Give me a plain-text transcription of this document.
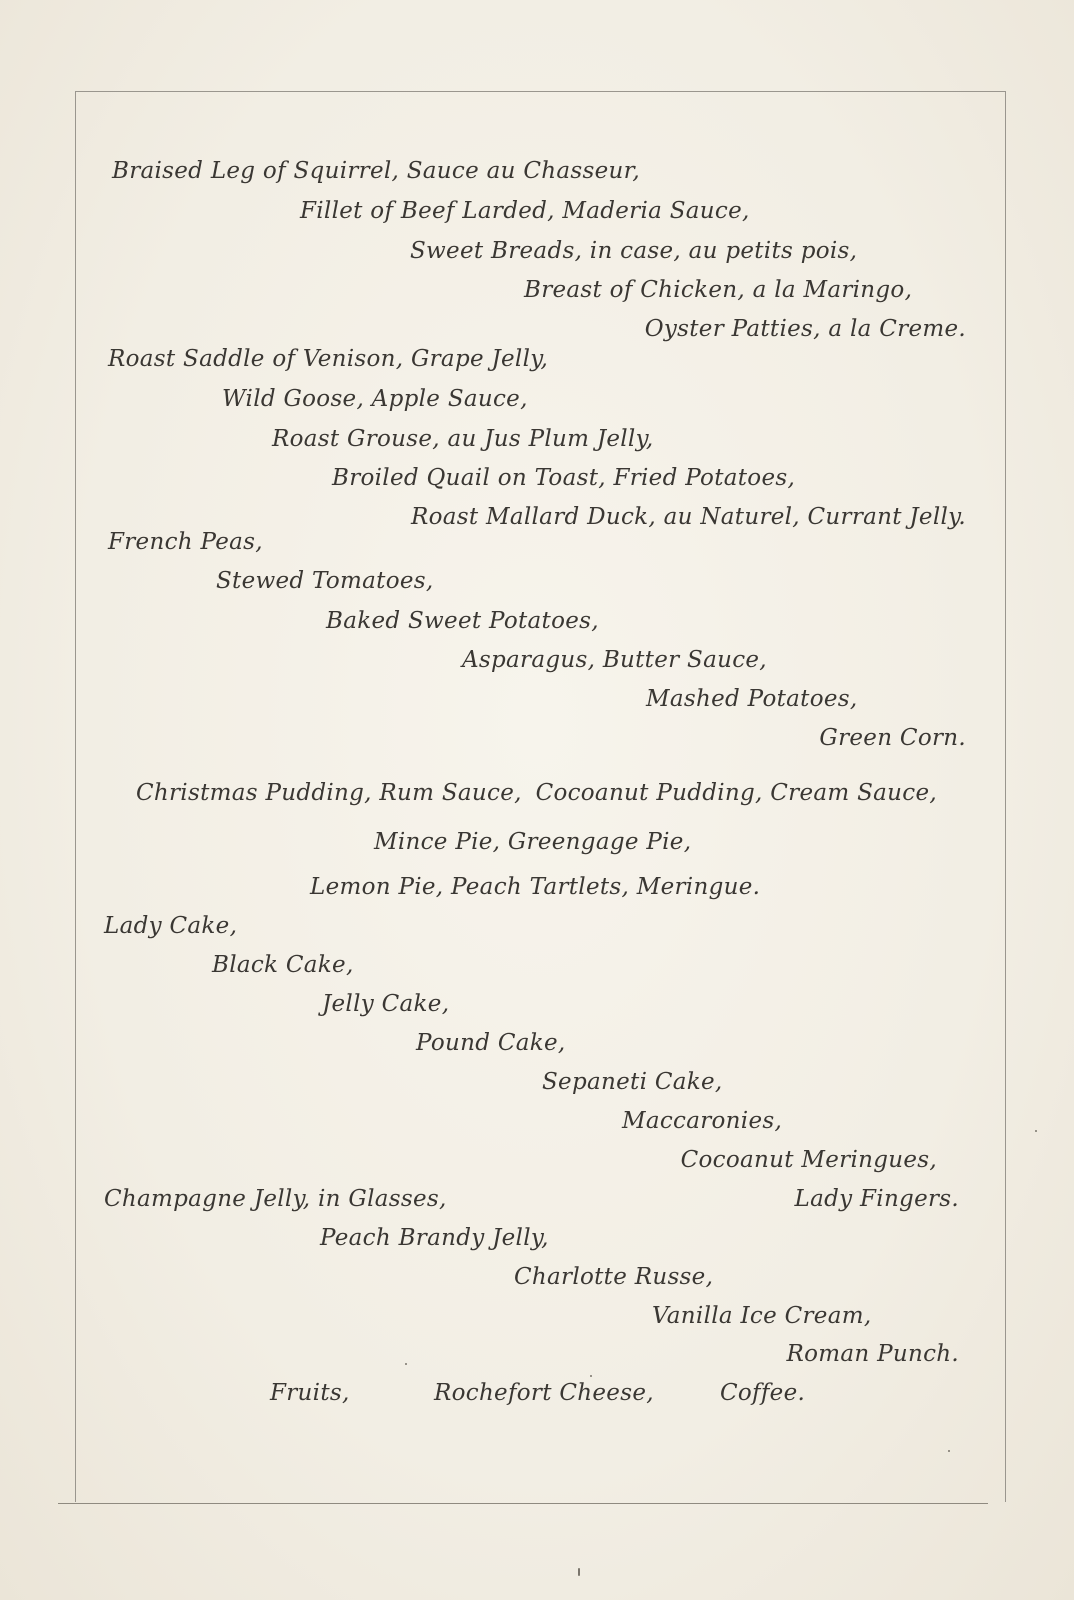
Braised Leg of Squirrel, Sauce au Chasseur,
Fillet of Beef Larded, Maderia Sauce,
Sweet Breads, in case, au petits pois,
Breast of Chicken, a la Maringo,
Oyster Patties, a la Creme.
Roast Saddle of Venison, Grape Jelly,
Wild Goose, Apple Sauce,
Roast Grouse, au Jus Plum Jelly,
Broiled Quail on Toast, Fried Potatoes,
Roast Mallard Duck, au Naturel, Currant Jelly.
French Peas,
Stewed Tomatoes,
Baked Sweet Potatoes,
Asparagus, Butter Sauce,
Mashed Potatoes,
Green Corn.
Christmas Pudding, Rum Sauce, Cocoanut Pudding, Cream Sauce,
Mince Pie, Greengage Pie,
Lemon Pie, Peach Tartlets, Meringue.
Lady Cake,
Black Cake,
Jelly Cake,
Pound Cake,
Sepaneti Cake,
Maccaronies,
Cocoanut Meringues,
Champagne Jelly, in Glasses,	Lady Fingers.
Peach Brandy Jelly,
Charlotte Russe,
Vanilla Ice Cream,
Roman Punch.
Fruits,	Rochefort Cheese,	Coffee.
